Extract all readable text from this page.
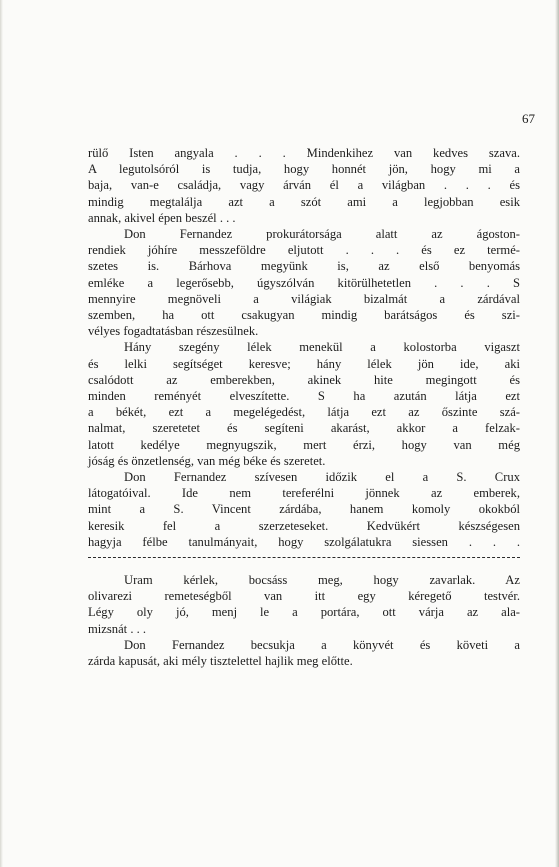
67

rülő Isten angyala . . . Mindenkihez van kedves szava.
A legutolsóról is tudja, hogy honnét jön, hogy mi a
baja, van-e családja, vagy árván él a világban . . . és
mindig megtalálja azt a szót ami a legjobban esik
annak, akivel épen beszél . . .

Don Fernandez prokurátorsága alatt az ágoston-
rendiek jóhíre messzeföldre eljutott . . . és ez termé-
szetes is. Bárhova megyünk is, az első benyomás
emléke a legerősebb, úgyszólván kitörülhetetlen . . . S
mennyire megnöveli a világiak bizalmát a zárdával
szemben, ha ott csakugyan mindig barátságos és szi-
vélyes fogadtatásban részesülnek.

Hány szegény lélek menekül a kolostorba vigaszt
és lelki segítséget keresve; hány lélek jön ide, aki
csalódott az emberekben, akinek hite megingott és
minden reményét elveszítette. S ha azután látja ezt
a békét, ezt a megelégedést, látja ezt az őszinte szá-
nalmat, szeretetet és segíteni akarást, akkor a felzak-
latott kedélye megnyugszik, mert érzi, hogy van még
jóság és önzetlenség, van még béke és szeretet.

Don Fernandez szívesen időzik el a S. Crux
látogatóival. Ide nem tereferélni jönnek az emberek,
mint a S. Vincent zárdába, hanem komoly okokból
keresik fel a szerzeteseket. Kedvükért készségesen
hagyja félbe tanulmányait, hogy szolgálatukra siessen . . .

Uram kérlek, bocsáss meg, hogy zavarlak. Az
olivarezi remeteségből van itt egy kéregető testvér.
Légy oly jó, menj le a portára, ott várja az ala-
mizsnát . . .

Don Fernandez becsukja a könyvét és követi a
zárda kapusát, aki mély tisztelettel hajlik meg előtte.
